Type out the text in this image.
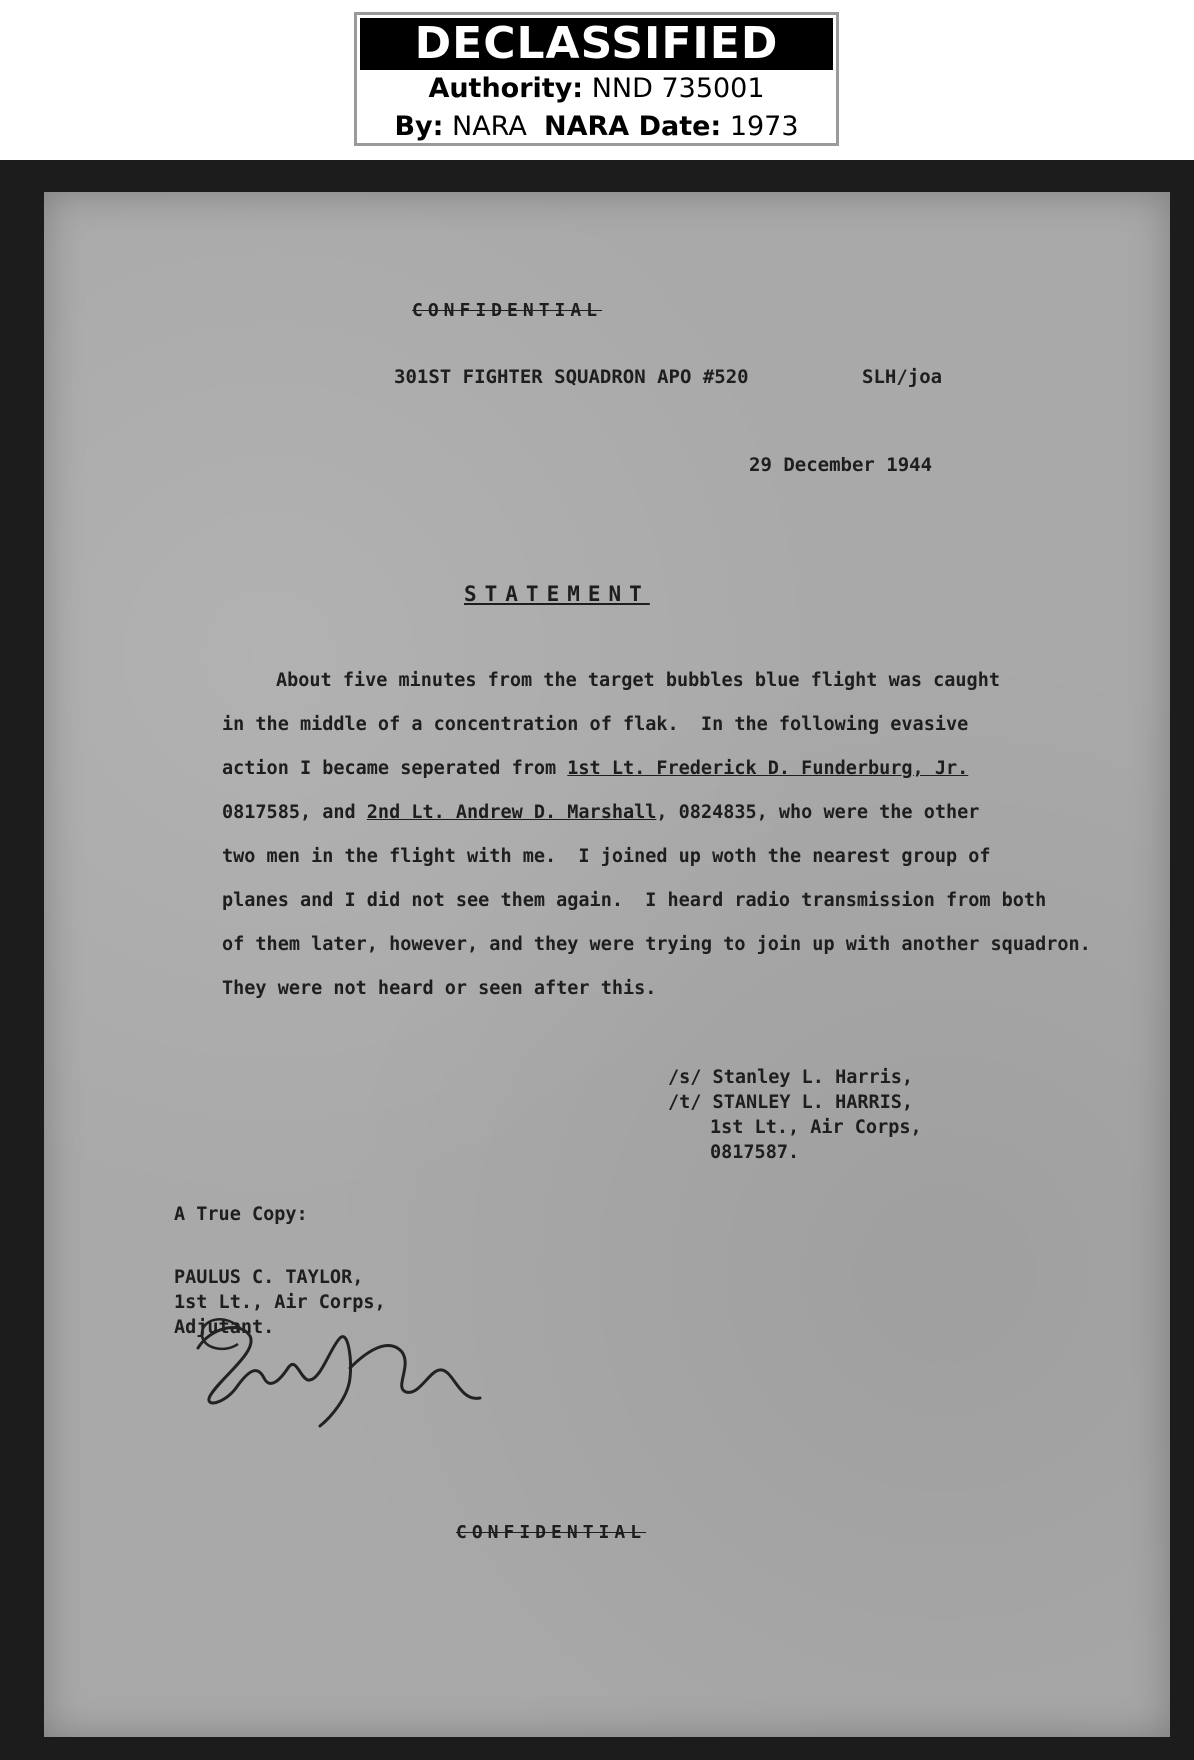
DECLASSIFIED
Authority: NND 735001
By: NARA NARA Date: 1973
CONFIDENTIAL
301ST FIGHTER SQUADRON APO #520	SLH/joa
29 December 1944
STATEMENT
About five minutes from the target bubbles blue flight was caught
in the middle of a concentration of flak.  In the following evasive
action I became seperated from 1st Lt. Frederick D. Funderburg, Jr.
0817585, and 2nd Lt. Andrew D. Marshall, 0824835, who were the other
two men in the flight with me.  I joined up woth the nearest group of
planes and I did not see them again.  I heard radio transmission from both
of them later, however, and they were trying to join up with another squadron.
They were not heard or seen after this.
/s/ Stanley L. Harris,
/t/ STANLEY L. HARRIS,
1st Lt., Air Corps,
0817587.
A True Copy:
PAULUS C. TAYLOR,
1st Lt., Air Corps,
Adjutant.
CONFIDENTIAL
